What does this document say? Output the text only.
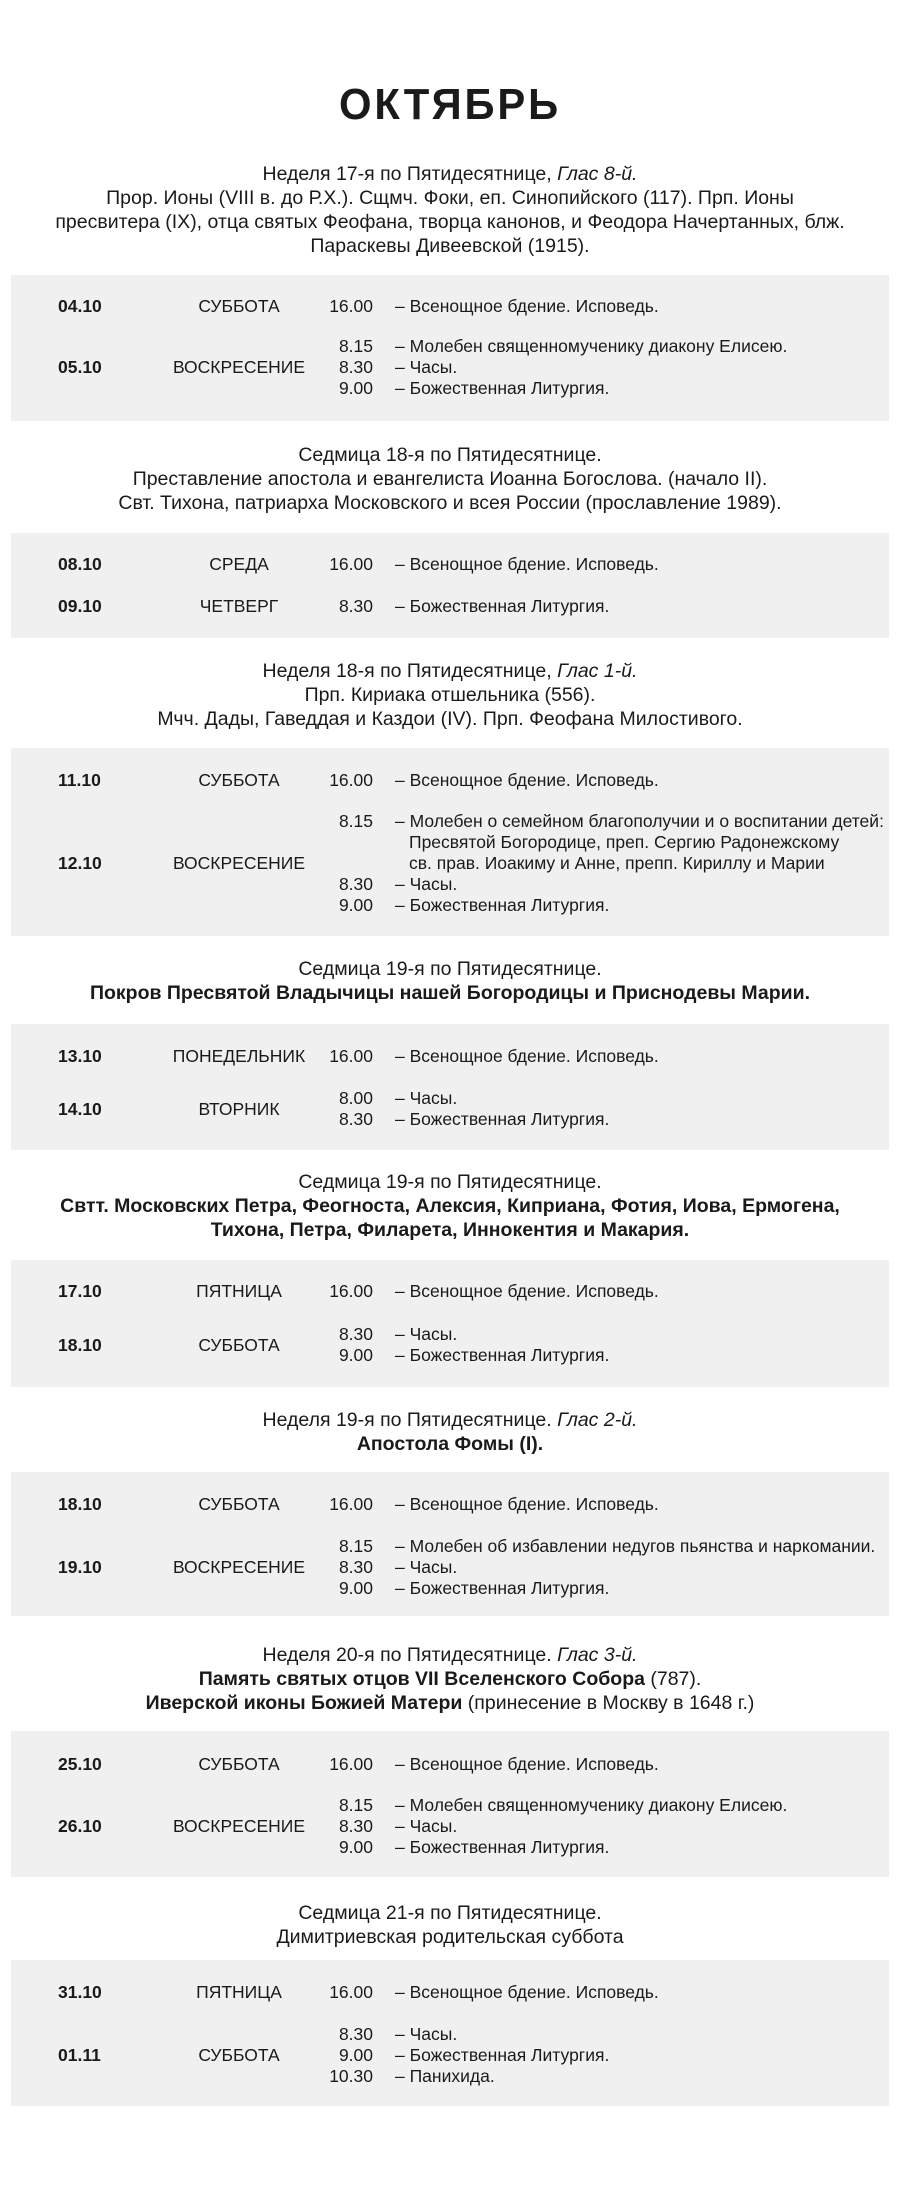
ОКТЯБРЬ
Неделя 17-я по Пятидесятнице, Глас 8-й.
Прор. Ионы (VIII в. до Р.Х.). Сщмч. Фоки, еп. Синопийского (117). Прп. Ионы
пресвитера (IX), отца святых Феофана, творца канонов, и Феодора Начертанных, блж.
Параскевы Дивеевской (1915).
04.10	СУББОТА	16.00 – Всенощное бдение. Исповедь.
05.10	ВОСКРЕСЕНИЕ
8.15 – Молебен священномученику диакону Елисею.
8.30 – Часы.
9.00 – Божественная Литургия.
Седмица 18-я по Пятидесятнице.
Преставление апостола и евангелиста Иоанна Богослова. (начало II).
Свт. Тихона, патриарха Московского и всея России (прославление 1989).
08.10	СРЕДА	16.00 – Всенощное бдение. Исповедь.
09.10	ЧЕТВЕРГ	8.30 – Божественная Литургия.
Неделя 18-я по Пятидесятнице, Глас 1-й.
Прп. Кириака отшельника (556).
Мчч. Дады, Гаведдая и Каздои (IV). Прп. Феофана Милостивого.
11.10	СУББОТА	16.00 – Всенощное бдение. Исповедь.
12.10	ВОСКРЕСЕНИЕ
8.15 – Молебен о семейном благополучии и о воспитании детей:
Пресвятой Богородице, преп. Сергию Радонежскому
св. прав. Иоакиму и Анне, препп. Кириллу и Марии
8.30 – Часы.
9.00 – Божественная Литургия.
Седмица 19-я по Пятидесятнице.
Покров Пресвятой Владычицы нашей Богородицы и Приснодевы Марии.
13.10	ПОНЕДЕЛЬНИК	16.00 – Всенощное бдение. Исповедь.
14.10	ВТОРНИК
8.00 – Часы.
8.30 – Божественная Литургия.
Седмица 19-я по Пятидесятнице.
Свтт. Московских Петра, Феогноста, Алексия, Киприана, Фотия, Иова, Ермогена,
Тихона, Петра, Филарета, Иннокентия и Макария.
17.10	ПЯТНИЦА	16.00 – Всенощное бдение. Исповедь.
18.10	СУББОТА
8.30 – Часы.
9.00 – Божественная Литургия.
Неделя 19-я по Пятидесятнице. Глас 2-й.
Апостола Фомы (I).
18.10	СУББОТА	16.00 – Всенощное бдение. Исповедь.
19.10	ВОСКРЕСЕНИЕ
8.15 – Молебен об избавлении недугов пьянства и наркомании.
8.30 – Часы.
9.00 – Божественная Литургия.
Неделя 20-я по Пятидесятнице. Глас 3-й.
Память святых отцов VII Вселенского Собора (787).
Иверской иконы Божией Матери (принесение в Москву в 1648 г.)
25.10	СУББОТА	16.00 – Всенощное бдение. Исповедь.
26.10	ВОСКРЕСЕНИЕ
8.15 – Молебен священномученику диакону Елисею.
8.30 – Часы.
9.00 – Божественная Литургия.
Седмица 21-я по Пятидесятнице.
Димитриевская родительская суббота
31.10	ПЯТНИЦА	16.00 – Всенощное бдение. Исповедь.
01.11	СУББОТА
8.30 – Часы.
9.00 – Божественная Литургия.
10.30 – Панихида.
